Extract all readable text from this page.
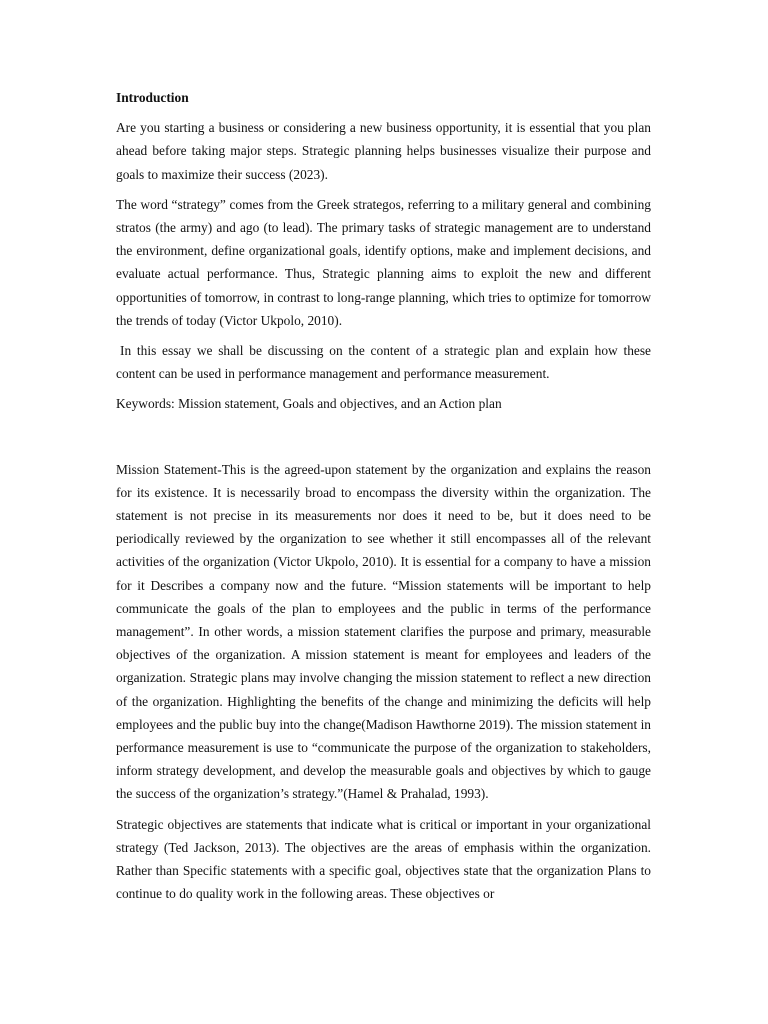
Introduction

Are you starting a business or considering a new business opportunity, it is essential that you plan ahead before taking major steps. Strategic planning helps businesses visualize their purpose and goals to maximize their success (2023).

The word “strategy” comes from the Greek strategos, referring to a military general and combining stratos (the army) and ago (to lead). The primary tasks of strategic management are to understand the environment, define organizational goals, identify options, make and implement decisions, and evaluate actual performance. Thus, Strategic planning aims to exploit the new and different opportunities of tomorrow, in contrast to long-range planning, which tries to optimize for tomorrow the trends of today (Victor Ukpolo, 2010).

In this essay we shall be discussing on the content of a strategic plan and explain how these content can be used in performance management and performance measurement.

Keywords: Mission statement, Goals and objectives, and an Action plan

Mission Statement-This is the agreed-upon statement by the organization and explains the reason for its existence. It is necessarily broad to encompass the diversity within the organization. The statement is not precise in its measurements nor does it need to be, but it does need to be periodically reviewed by the organization to see whether it still encompasses all of the relevant activities of the organization (Victor Ukpolo, 2010). It is essential for a company to have a mission for it Describes a company now and the future. “Mission statements will be important to help communicate the goals of the plan to employees and the public in terms of the performance management”. In other words, a mission statement clarifies the purpose and primary, measurable objectives of the organization. A mission statement is meant for employees and leaders of the organization. Strategic plans may involve changing the mission statement to reflect a new direction of the organization. Highlighting the benefits of the change and minimizing the deficits will help employees and the public buy into the change(Madison Hawthorne 2019). The mission statement in performance measurement is use to “communicate the purpose of the organization to stakeholders, inform strategy development, and develop the measurable goals and objectives by which to gauge the success of the organization’s strategy.”(Hamel & Prahalad, 1993).

Strategic objectives are statements that indicate what is critical or important in your organizational strategy (Ted Jackson, 2013). The objectives are the areas of emphasis within the organization. Rather than Specific statements with a specific goal, objectives state that the organization Plans to continue to do quality work in the following areas. These objectives or
